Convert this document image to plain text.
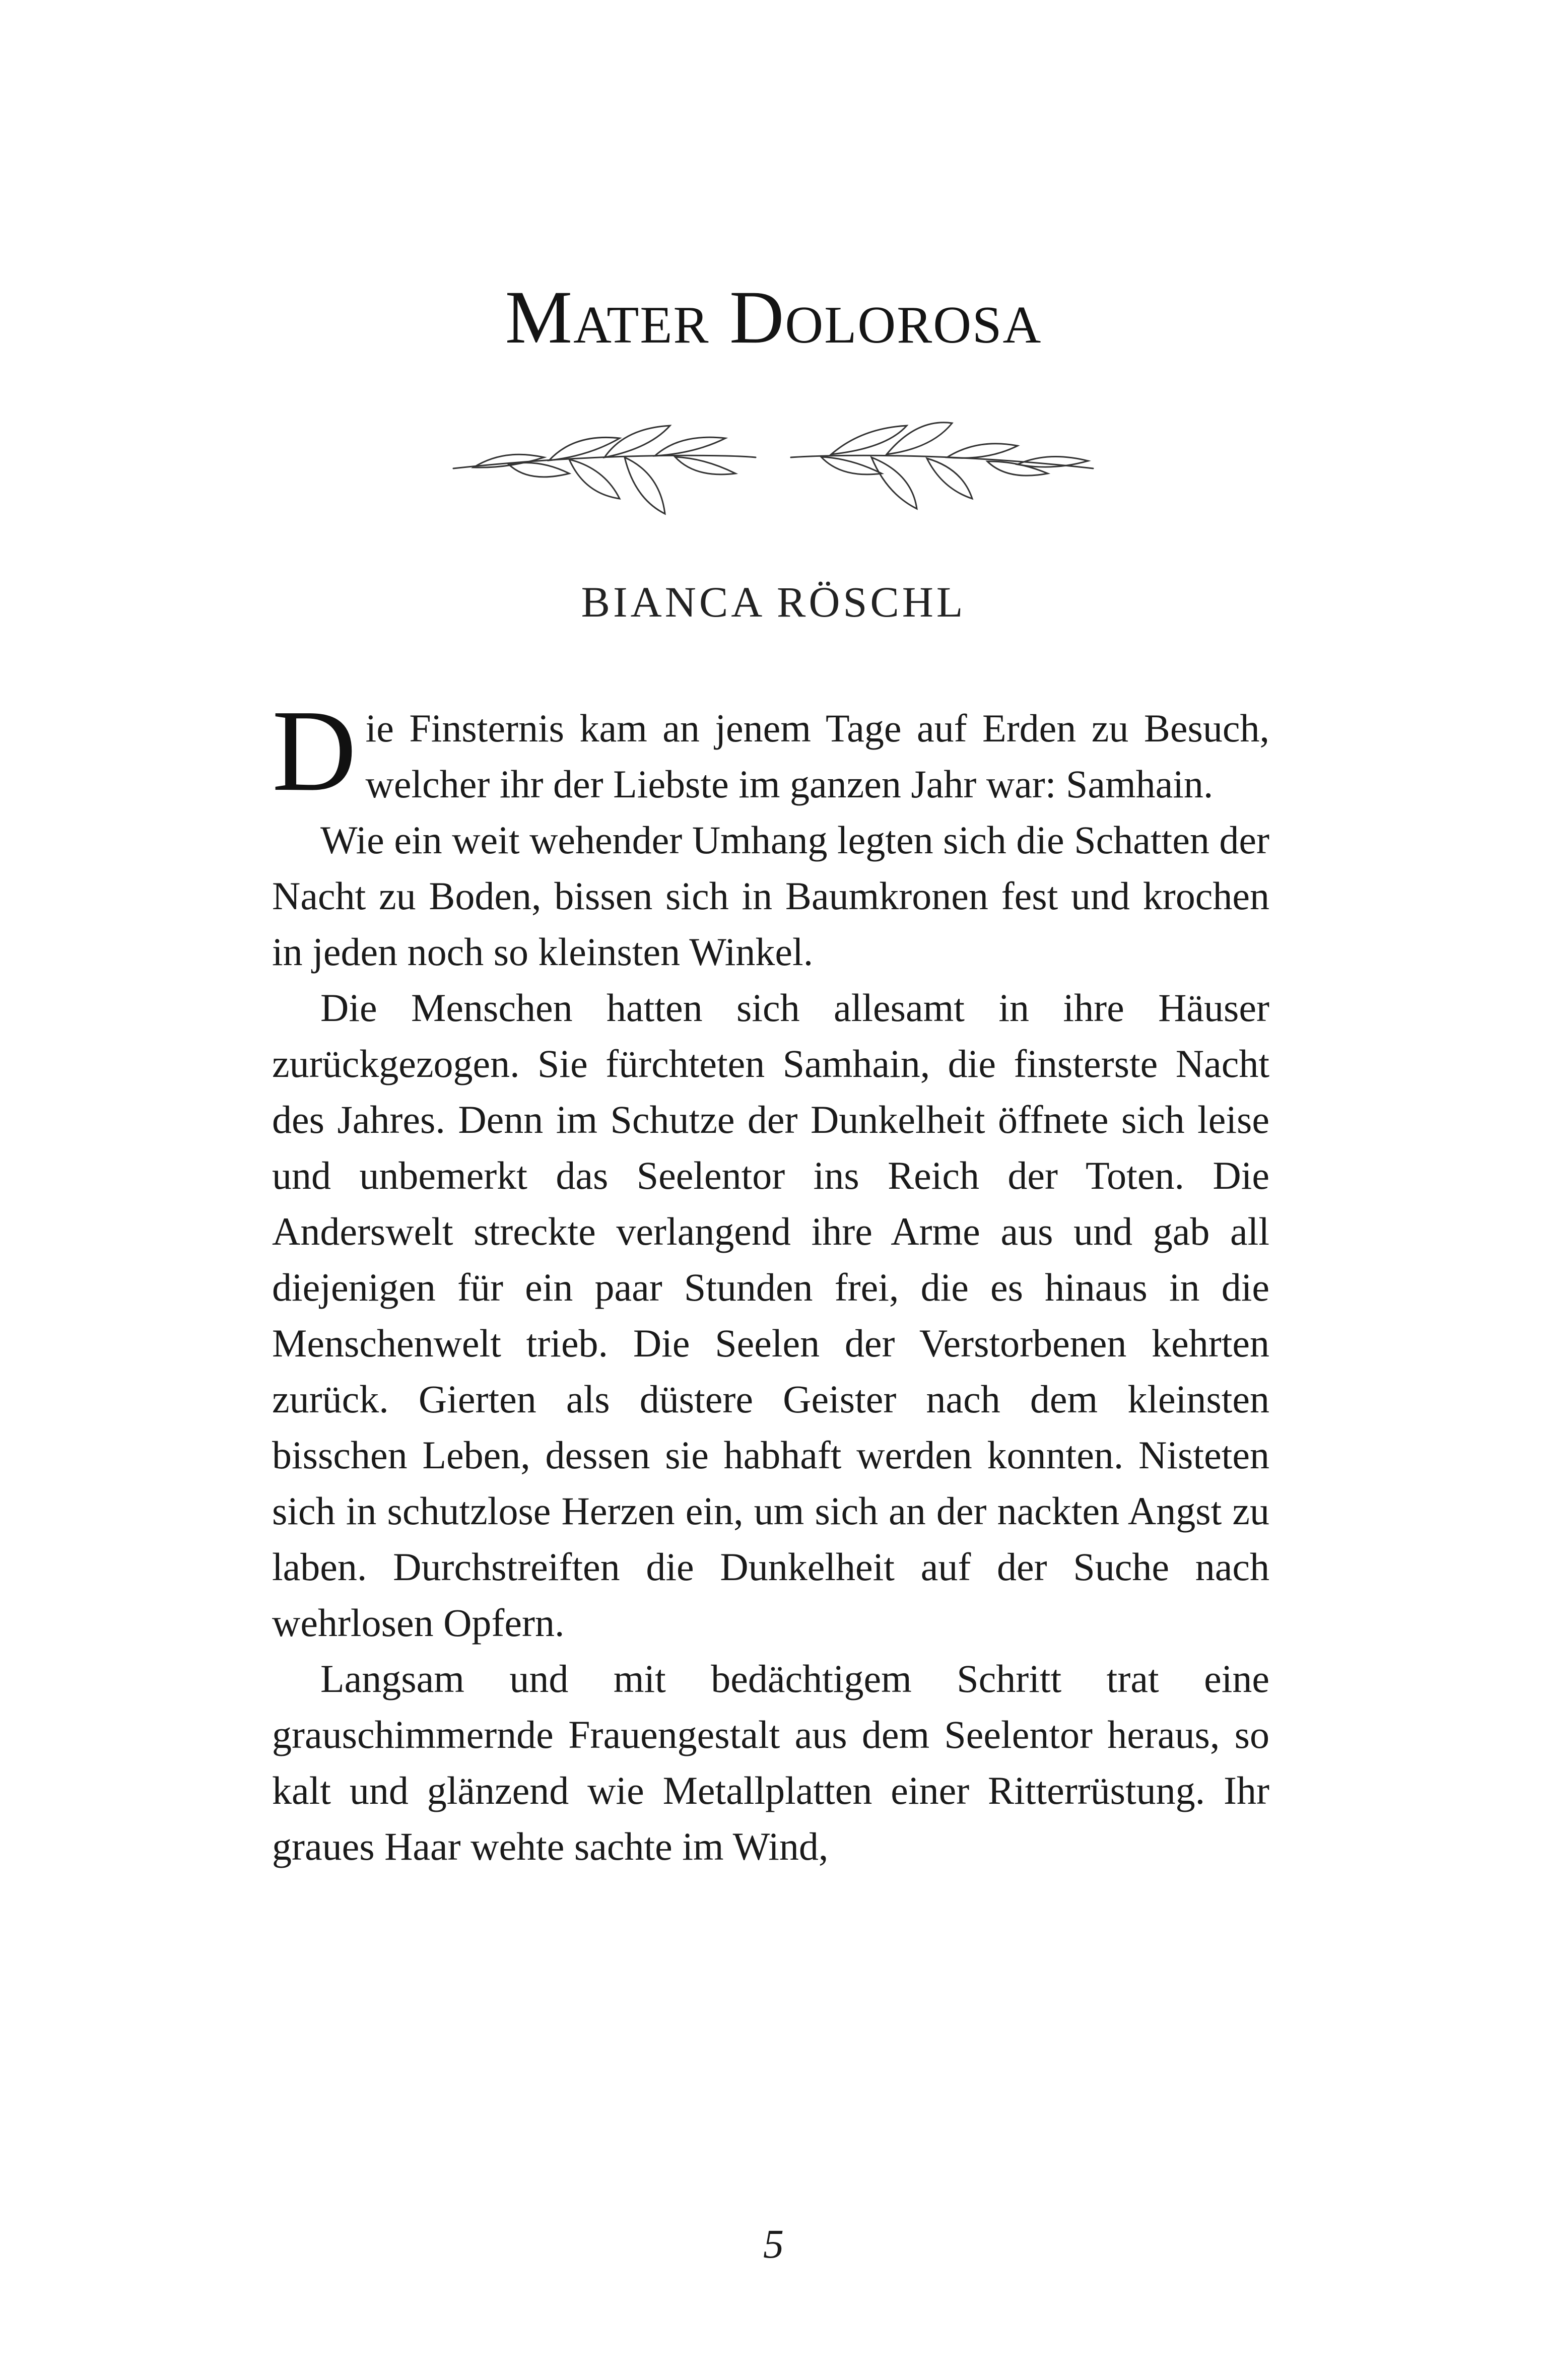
Mater Dolorosa
BIANCA RÖSCHL

D ie Finsternis kam an jenem Tage auf Erden zu Besuch, welcher ihr der Liebste im ganzen Jahr war: Samhain.

Wie ein weit wehender Umhang legten sich die Schatten der Nacht zu Boden, bissen sich in Baumkronen fest und krochen in jeden noch so kleinsten Winkel.

Die Menschen hatten sich allesamt in ihre Häuser zurückgezogen. Sie fürchteten Samhain, die finsterste Nacht des Jahres. Denn im Schutze der Dunkelheit öffnete sich leise und unbemerkt das Seelentor ins Reich der Toten. Die Anderswelt streckte verlangend ihre Arme aus und gab all diejenigen für ein paar Stunden frei, die es hinaus in die Menschenwelt trieb. Die Seelen der Verstorbenen kehrten zurück. Gierten als düstere Geister nach dem kleinsten bisschen Leben, dessen sie habhaft werden konnten. Nisteten sich in schutzlose Herzen ein, um sich an der nackten Angst zu laben. Durchstreiften die Dunkelheit auf der Suche nach wehrlosen Opfern.

Langsam und mit bedächtigem Schritt trat eine grauschimmernde Frauengestalt aus dem Seelentor heraus, so kalt und glänzend wie Metallplatten einer Ritterrüstung. Ihr graues Haar wehte sachte im Wind,

5
